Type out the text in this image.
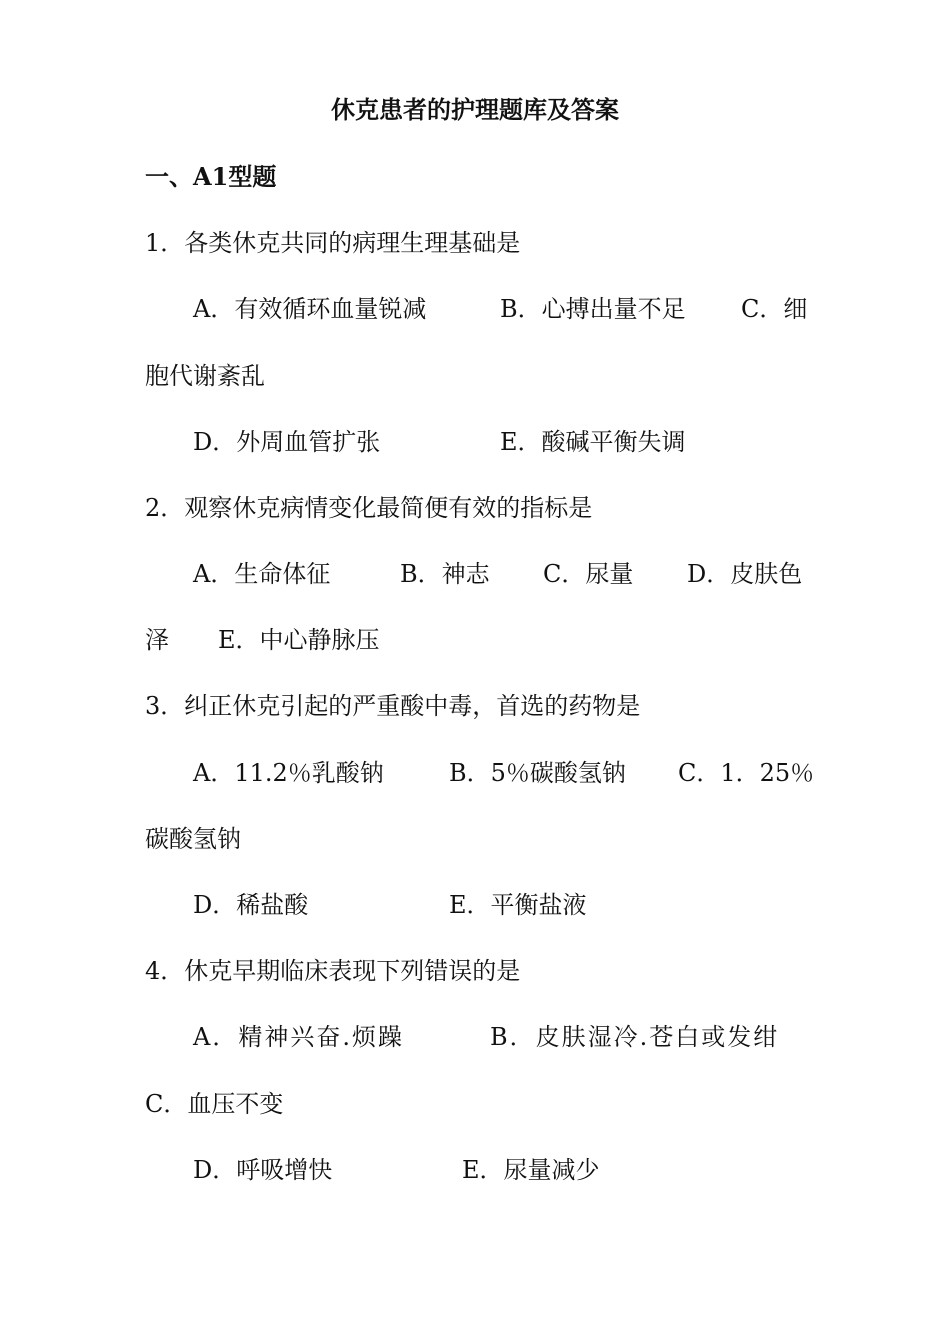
休克患者的护理题库及答案
一、A1型题
1．各类休克共同的病理生理基础是
A．有效循环血量锐减	B．心搏出量不足 C．细
胞代谢紊乱
D．外周血管扩张	E．酸碱平衡失调
2．观察休克病情变化最简便有效的指标是
A．生命体征	B．神志 C．尿量 D．皮肤色
泽 E．中心静脉压
3．纠正休克引起的严重酸中毒，首选的药物是
A．11.2％乳酸钠	B．5％碳酸氢钠 C．1．25％
碳酸氢钠
D．稀盐酸	E．平衡盐液
4．休克早期临床表现下列错误的是
A．精神兴奋.烦躁	B．皮肤湿冷.苍白或发绀
C．血压不变
D．呼吸增快	E．尿量减少
